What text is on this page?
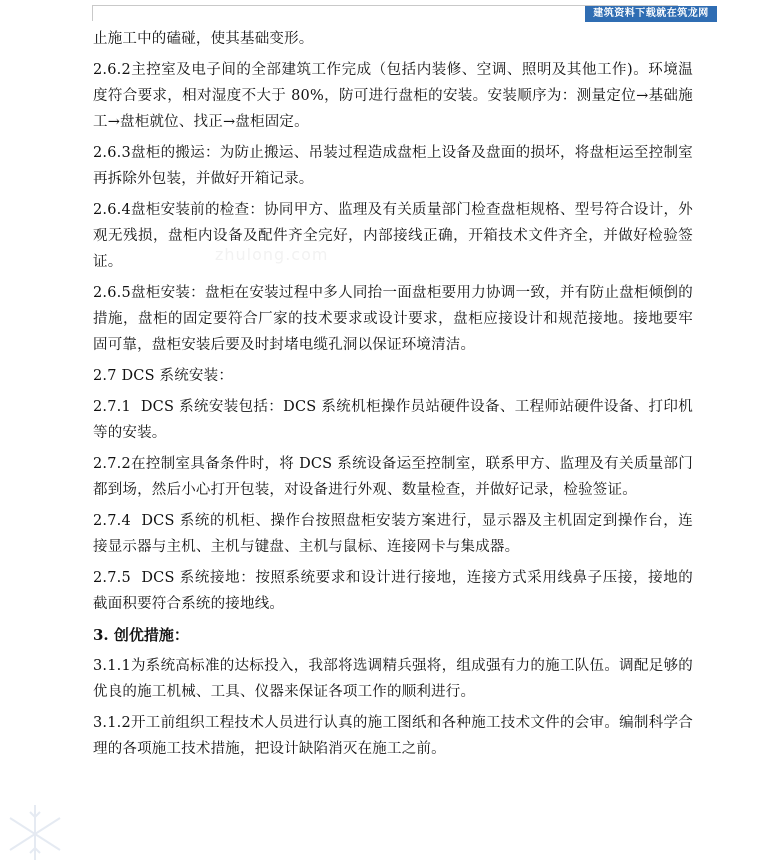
建筑资料下载就在筑龙网
zhulong.com

止施工中的磕碰，使其基础变形。

2.6.2主控室及电子间的全部建筑工作完成（包括内装修、空调、照明及其他工作)。环境温度符合要求，相对湿度不大于 80%，防可进行盘柜的安装。安装顺序为：测量定位→基础施工→盘柜就位、找正→盘柜固定。

2.6.3盘柜的搬运：为防止搬运、吊装过程造成盘柜上设备及盘面的损坏，将盘柜运至控制室再拆除外包装，并做好开箱记录。

2.6.4盘柜安装前的检查：协同甲方、监理及有关质量部门检查盘柜规格、型号符合设计，外观无残损，盘柜内设备及配件齐全完好，内部接线正确，开箱技术文件齐全，并做好检验签证。

2.6.5盘柜安装：盘柜在安装过程中多人同抬一面盘柜要用力协调一致，并有防止盘柜倾倒的措施，盘柜的固定要符合厂家的技术要求或设计要求，盘柜应接设计和规范接地。接地要牢固可靠，盘柜安装后要及时封堵电缆孔洞以保证环境清洁。

2.7 DCS 系统安装：

2.7.1  DCS 系统安装包括：DCS 系统机柜操作员站硬件设备、工程师站硬件设备、打印机等的安装。

2.7.2在控制室具备条件时，将 DCS 系统设备运至控制室，联系甲方、监理及有关质量部门都到场，然后小心打开包装，对设备进行外观、数量检查，并做好记录，检验签证。

2.7.4  DCS 系统的机柜、操作台按照盘柜安装方案进行，显示器及主机固定到操作台，连接显示器与主机、主机与键盘、主机与鼠标、连接网卡与集成器。

2.7.5  DCS 系统接地：按照系统要求和设计进行接地，连接方式采用线鼻子压接，接地的截面积要符合系统的接地线。

3. 创优措施：

3.1.1为系统高标准的达标投入，我部将选调精兵强将，组成强有力的施工队伍。调配足够的优良的施工机械、工具、仪器来保证各项工作的顺利进行。

3.1.2开工前组织工程技术人员进行认真的施工图纸和各种施工技术文件的会审。编制科学合理的各项施工技术措施，把设计缺陷消灭在施工之前。
